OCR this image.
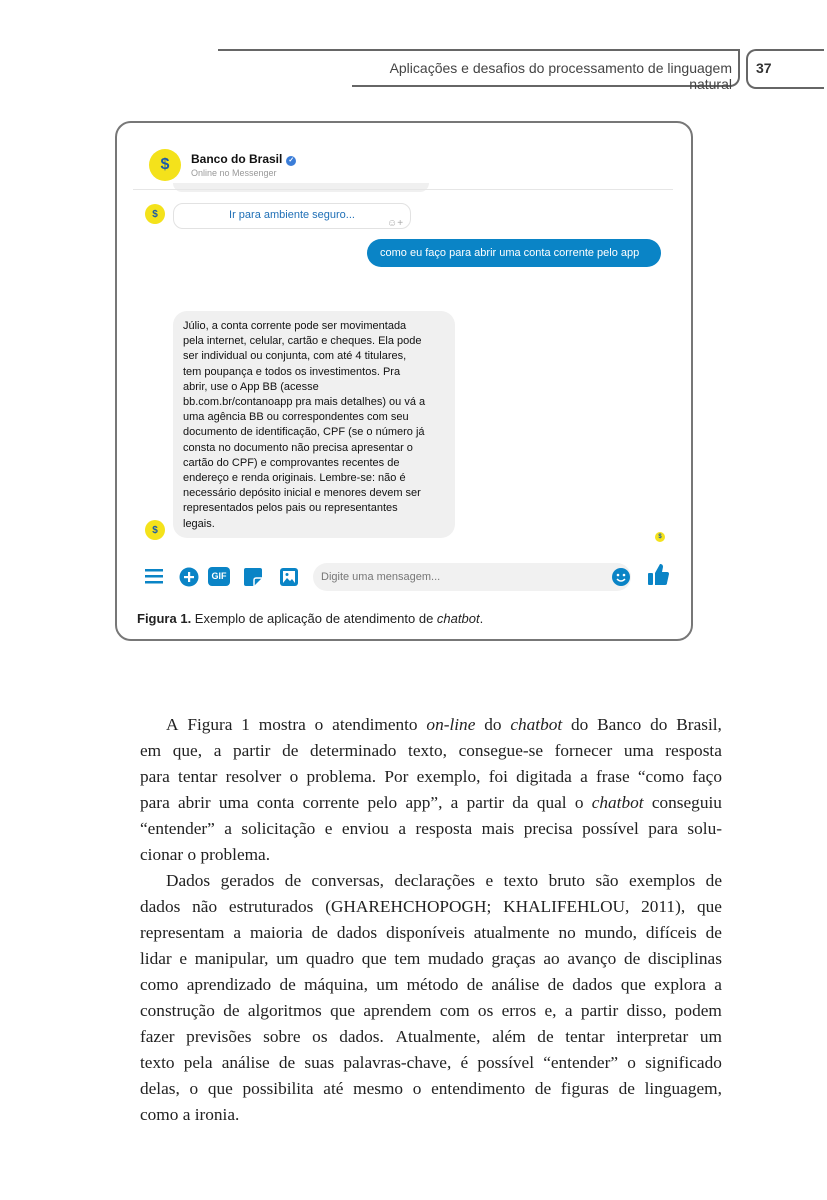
Aplicações e desafios do processamento de linguagem natural
37
$	Banco do Brasil ✓
Online no Messenger
$	Ir para ambiente seguro...
☺+
como eu faço para abrir uma conta corrente pelo app
Júlio, a conta corrente pode ser movimentada
pela internet, celular, cartão e cheques. Ela pode
ser individual ou conjunta, com até 4 titulares,
tem poupança e todos os investimentos. Pra
abrir, use o App BB (acesse
bb.com.br/contanoapp pra mais detalhes) ou vá a
uma agência BB ou correspondentes com seu
documento de identificação, CPF (se o número já
consta no documento não precisa apresentar o
cartão do CPF) e comprovantes recentes de
endereço e renda originais. Lembre-se: não é
necessário depósito inicial e menores devem ser
representados pelos pais ou representantes
legais.
$
$
GIF	Digite uma mensagem...
Figura 1. Exemplo de aplicação de atendimento de chatbot.
A Figura 1 mostra o atendimento on-line do chatbot do Banco do Brasil,
em que, a partir de determinado texto, consegue-se fornecer uma resposta
para tentar resolver o problema. Por exemplo, foi digitada a frase “como faço
para abrir uma conta corrente pelo app”, a partir da qual o chatbot conseguiu
“entender” a solicitação e enviou a resposta mais precisa possível para solu-
cionar o problema.
Dados gerados de conversas, declarações e texto bruto são exemplos de
dados não estruturados (GHAREHCHOPOGH; KHALIFEHLOU, 2011), que
representam a maioria de dados disponíveis atualmente no mundo, difíceis de
lidar e manipular, um quadro que tem mudado graças ao avanço de disciplinas
como aprendizado de máquina, um método de análise de dados que explora a
construção de algoritmos que aprendem com os erros e, a partir disso, podem
fazer previsões sobre os dados. Atualmente, além de tentar interpretar um
texto pela análise de suas palavras-chave, é possível “entender” o significado
delas, o que possibilita até mesmo o entendimento de figuras de linguagem,
como a ironia.
